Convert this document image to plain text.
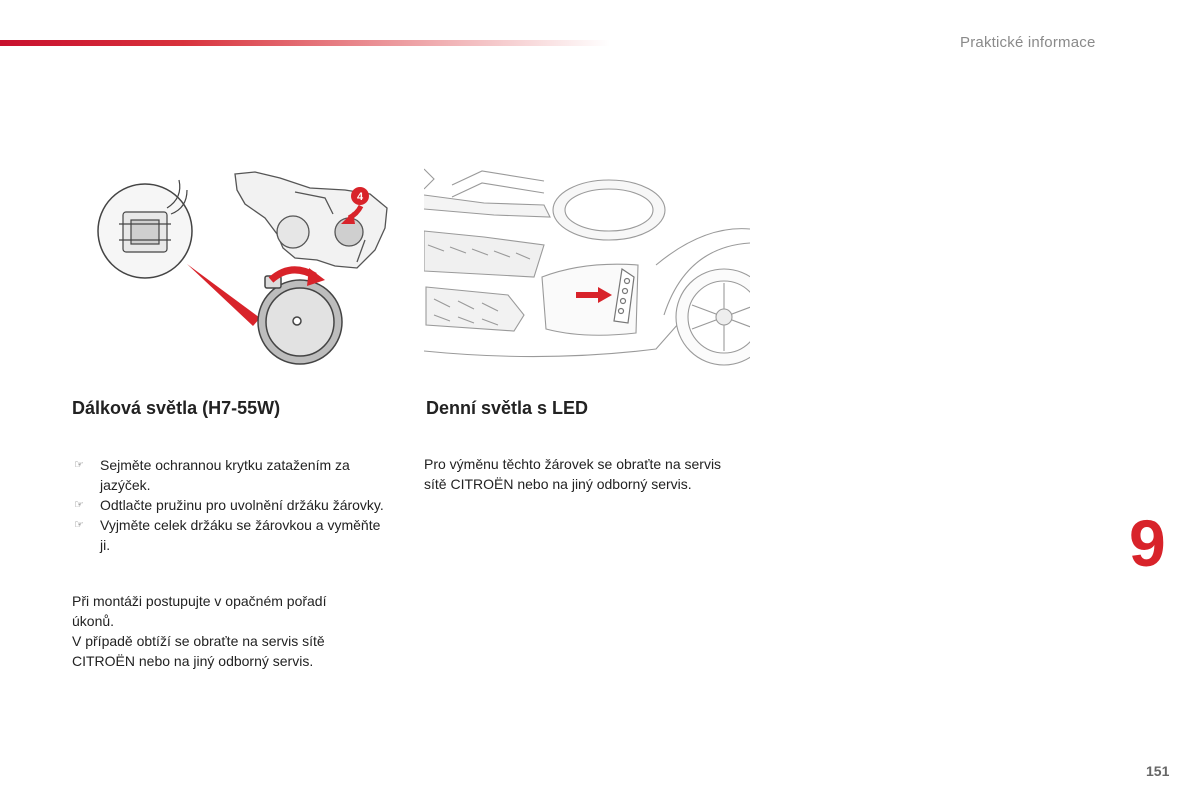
Praktické informace
4
Dálková světla (H7-55W)	Denní světla s LED
☞ Sejměte ochrannou krytku zatažením za jazýček.
☞ Odtlačte pružinu pro uvolnění držáku žárovky.
☞ Vyjměte celek držáku se žárovkou a vyměňte ji.
Při montáži postupujte v opačném pořadí úkonů.
V případě obtíží se obraťte na servis sítě CITROËN nebo na jiný odborný servis.

Pro výměnu těchto žárovek se obraťte na servis sítě CITROËN nebo na jiný odborný servis.

9
151
